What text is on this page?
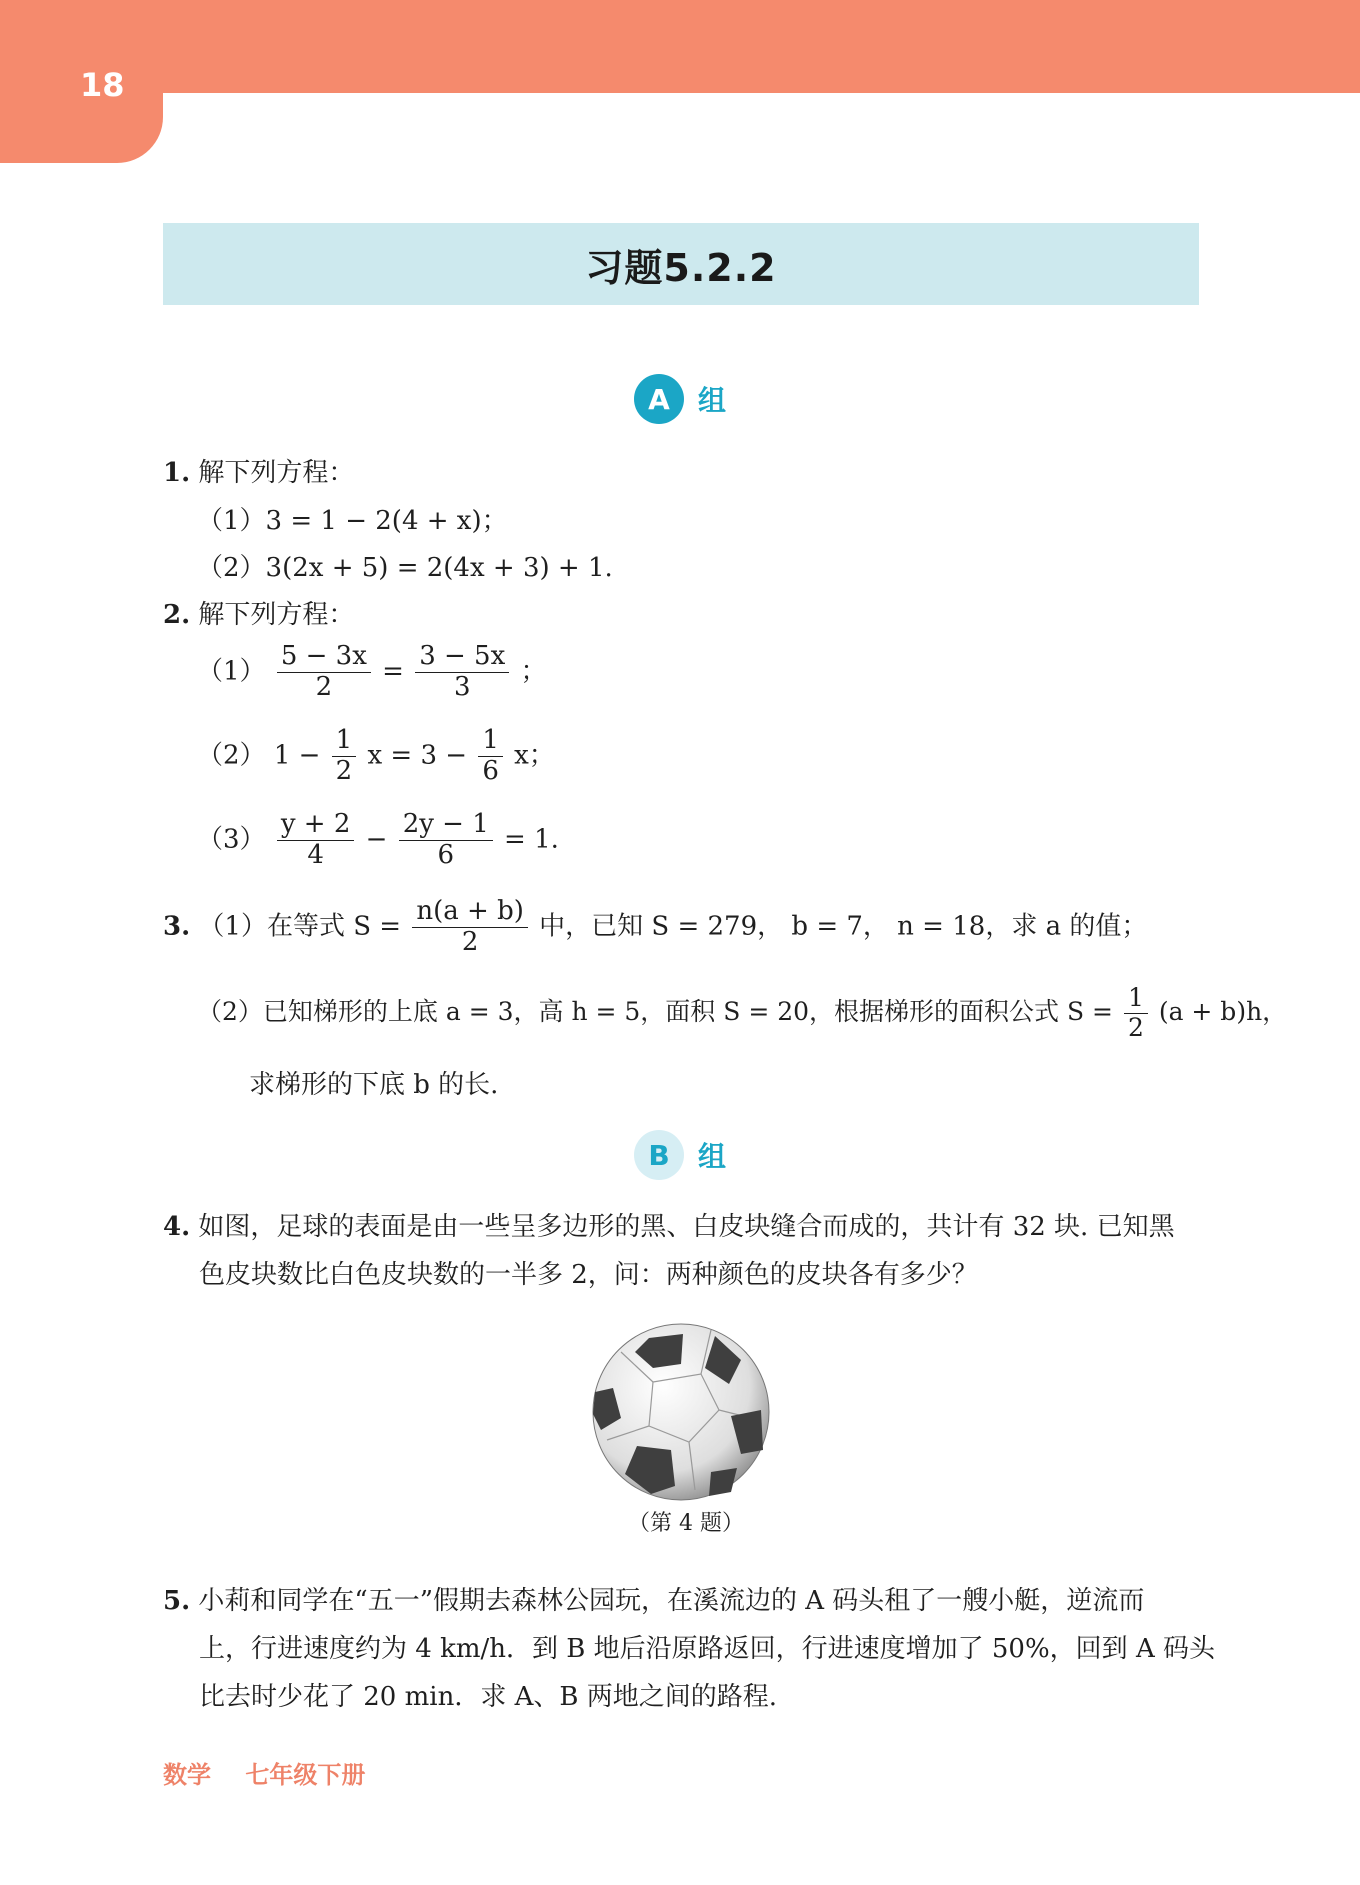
18
习题5.2.2
A	组
1. 解下列方程：
（1）3 = 1 − 2(4 + x)；
（2）3(2x + 5) = 2(4x + 3) + 1.
2. 解下列方程：
$(1) \frac{5 - 3x}{2} = \frac{3 - 5x}{3}$ ；
（2） $1 - \frac{1}{2}$ $x = 3 - \frac{1}{6}$ x；
$(3) \frac{y + 2}{4} - \frac{2y - 1}{6} = 1$.
3. （1）在等式 $S = \frac{n(a + b)}{2}$ 中，已知 S = 279， b = 7， n = 18，求 a 的值；
（2）已知梯形的上底 a = 3，高 h = 5，面积 S = 20，根据梯形的面积公式 $S = \frac{1}{2} (a + b)h$，
求梯形的下底 b 的长.
B	组
4. 如图，足球的表面是由一些呈多边形的黑、白皮块缝合而成的，共计有 32 块. 已知黑
色皮块数比白色皮块数的一半多 2，问：两种颜色的皮块各有多少？
（第 4 题）
5. 小莉和同学在“五一”假期去森林公园玩，在溪流边的 A 码头租了一艘小艇，逆流而
上，行进速度约为 4 km/h．到 B 地后沿原路返回，行进速度增加了 50%，回到 A 码头
比去时少花了 20 min．求 A、B 两地之间的路程.
数学 七年级下册
